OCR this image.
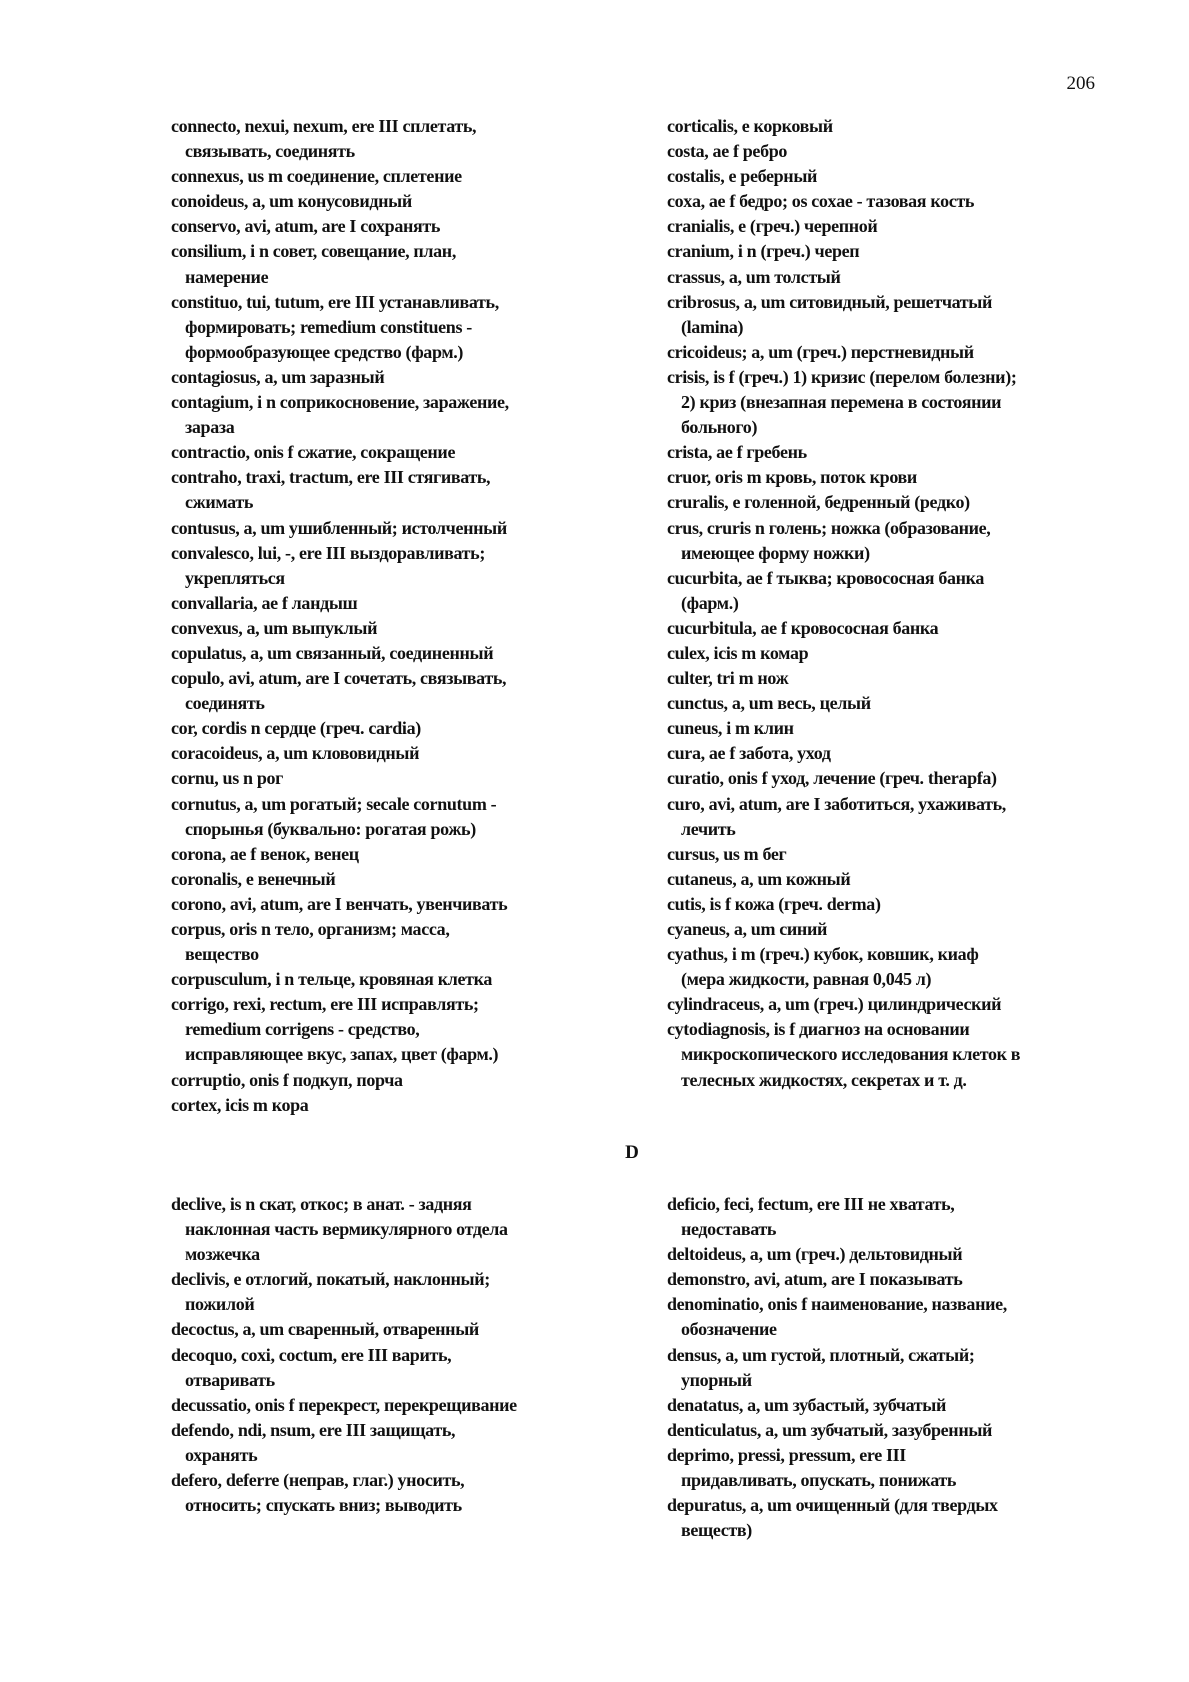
206
connecto, nexui, nexum, ere III сплетать,
связывать, соединять
connexus, us m соединение, сплетение
conoideus, a, um конусовидный
conservo, avi, atum, are I сохранять
consilium, i n совет, совещание, план,
намерение
constituo, tui, tutum, ere III устанавливать,
формировать; remedium constituens -
формообразующее средство (фарм.)
contagiosus, a, um заразный
contagium, i n соприкосновение, заражение,
зараза
contractio, onis f сжатие, сокращение
contraho, traxi, tractum, ere III стягивать,
сжимать
contusus, a, um ушибленный; истолченный
convalesco, lui, -, ere III выздоравливать;
укрепляться
convallaria, ae f ландыш
convexus, a, um выпуклый
copulatus, a, um связанный, соединенный
copulo, avi, atum, are I сочетать, связывать,
соединять
cor, cordis n сердце (греч. cardia)
coracoideus, a, um клововидный
cornu, us n рог
cornutus, a, um рогатый; secale cornutum -
спорынья (буквально: рогатая рожь)
corona, ae f венок, венец
coronalis, e венечный
corono, avi, atum, are I венчать, увенчивать
corpus, oris n тело, организм; масса,
вещество
corpusculum, i n тельце, кровяная клетка
corrigo, rexi, rectum, ere III исправлять;
remedium corrigens - средство,
исправляющее вкус, запах, цвет (фарм.)
corruptio, onis f подкуп, порча
cortex, icis m кора
corticalis, e корковый
costa, ae f ребро
costalis, e реберный
coxa, ae f бедро; os coxae - тазовая кость
cranialis, e (греч.) черепной
cranium, i n (греч.) череп
crassus, a, um толстый
cribrosus, a, um ситовидный, решетчатый
(lamina)
cricoideus; a, um (греч.) перстневидный
crisis, is f (греч.) 1) кризис (перелом болезни);
2) криз (внезапная перемена в состоянии
больного)
crista, ae f гребень
cruor, oris m кровь, поток крови
cruralis, e голенной, бедренный (редко)
crus, cruris n голень; ножка (образование,
имеющее форму ножки)
cucurbita, ae f тыква; кровососная банка
(фарм.)
cucurbitula, ae f кровососная банка
culex, icis m комар
culter, tri m нож
cunctus, a, um весь, целый
cuneus, i m клин
cura, ae f забота, уход
curatio, onis f уход, лечение (греч. therapfa)
curo, avi, atum, are I заботиться, ухаживать,
лечить
cursus, us m бег
cutaneus, a, um кожный
cutis, is f кожа (греч. derma)
cyaneus, a, um синий
cyathus, i m (греч.) кубок, ковшик, киаф
(мера жидкости, равная 0,045 л)
cylindraceus, a, um (греч.) цилиндрический
cytodiagnosis, is f диагноз на основании
микроскопического исследования клеток в
телесных жидкостях, секретах и т. д.
D
declive, is n скат, откос; в анат. - задняя
наклонная часть вермикулярного отдела
мозжечка
declivis, e отлогий, покатый, наклонный;
пожилой
decoctus, a, um сваренный, отваренный
decoquo, coxi, coctum, ere III варить,
отваривать
decussatio, onis f перекрест, перекрещивание
defendo, ndi, nsum, ere III защищать,
охранять
defero, deferre (неправ, глаг.) уносить,
относить; спускать вниз; выводить
deficio, feci, fectum, ere III не хватать,
недоставать
deltoideus, a, um (греч.) дельтовидный
demonstro, avi, atum, are I показывать
denominatio, onis f наименование, название,
обозначение
densus, a, um густой, плотный, сжатый;
упорный
denatatus, a, um зубастый, зубчатый
denticulatus, a, um зубчатый, зазубренный
deprimo, pressi, pressum, ere III
придавливать, опускать, понижать
depuratus, a, um очищенный (для твердых
веществ)
